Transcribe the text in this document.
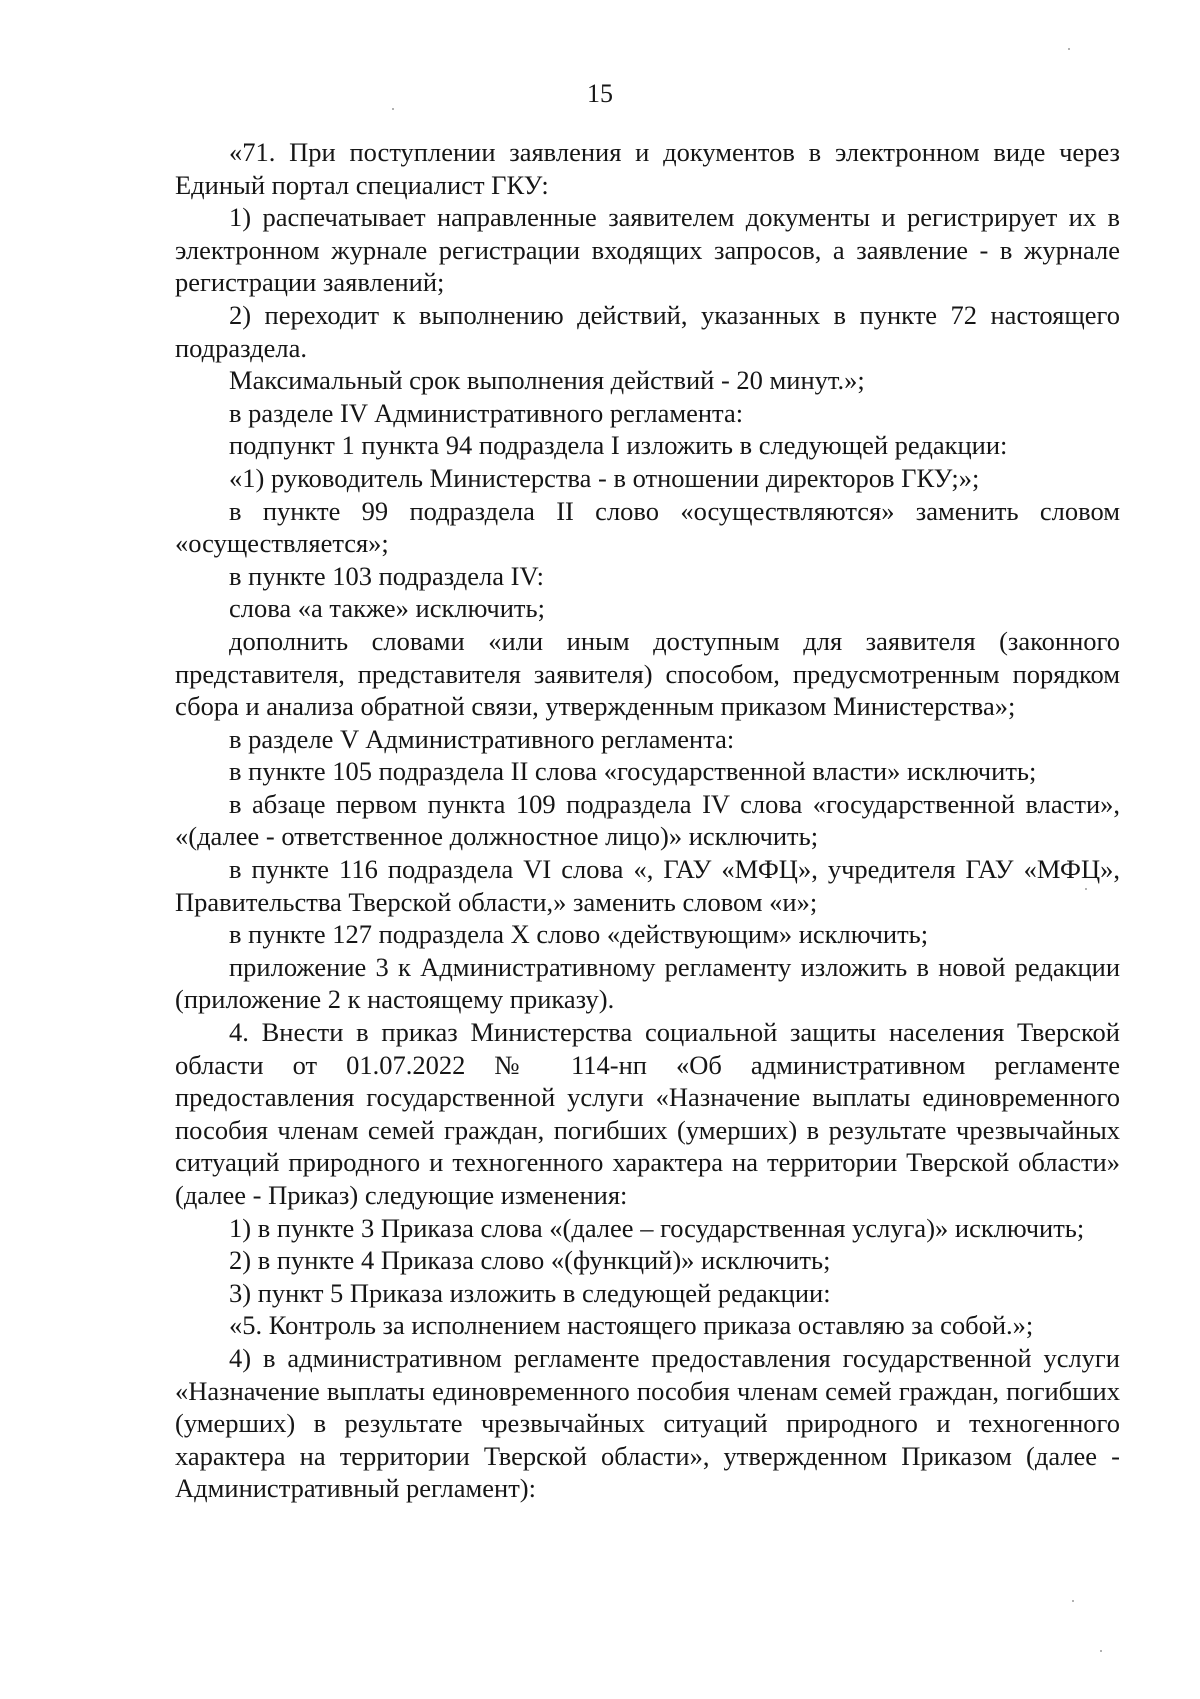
15

«71. При поступлении заявления и документов в электронном виде через Единый портал специалист ГКУ:

1) распечатывает направленные заявителем документы и регистрирует их в электронном журнале регистрации входящих запросов, а заявление - в журнале регистрации заявлений;

2) переходит к выполнению действий, указанных в пункте 72 настоящего подраздела.

Максимальный срок выполнения действий - 20 минут.»;

в разделе IV Административного регламента:

подпункт 1 пункта 94 подраздела I изложить в следующей редакции:

«1) руководитель Министерства - в отношении директоров ГКУ;»;

в пункте 99 подраздела II слово «осуществляются» заменить словом «осуществляется»;

в пункте 103 подраздела IV:

слова «а также» исключить;

дополнить словами «или иным доступным для заявителя (законного представителя, представителя заявителя) способом, предусмотренным порядком сбора и анализа обратной связи, утвержденным приказом Министерства»;

в разделе V Административного регламента:

в пункте 105 подраздела II слова «государственной власти» исключить;

в абзаце первом пункта 109 подраздела IV слова «государственной власти», «(далее - ответственное должностное лицо)» исключить;

в пункте 116 подраздела VI слова «, ГАУ «МФЦ», учредителя ГАУ «МФЦ», Правительства Тверской области,» заменить словом «и»;

в пункте 127 подраздела X слово «действующим» исключить;

приложение 3 к Административному регламенту изложить в новой редакции (приложение 2 к настоящему приказу).

4. Внести в приказ Министерства социальной защиты населения Тверской области от 01.07.2022 № 114-нп «Об административном регламенте предоставления государственной услуги «Назначение выплаты единовременного пособия членам семей граждан, погибших (умерших) в результате чрезвычайных ситуаций природного и техногенного характера на территории Тверской области» (далее - Приказ) следующие изменения:

1) в пункте 3 Приказа слова «(далее – государственная услуга)» исключить;

2) в пункте 4 Приказа слово «(функций)» исключить;

3) пункт 5 Приказа изложить в следующей редакции:

«5. Контроль за исполнением настоящего приказа оставляю за собой.»;

4) в административном регламенте предоставления государственной услуги «Назначение выплаты единовременного пособия членам семей граждан, погибших (умерших) в результате чрезвычайных ситуаций природного и техногенного характера на территории Тверской области», утвержденном Приказом (далее - Административный регламент):
